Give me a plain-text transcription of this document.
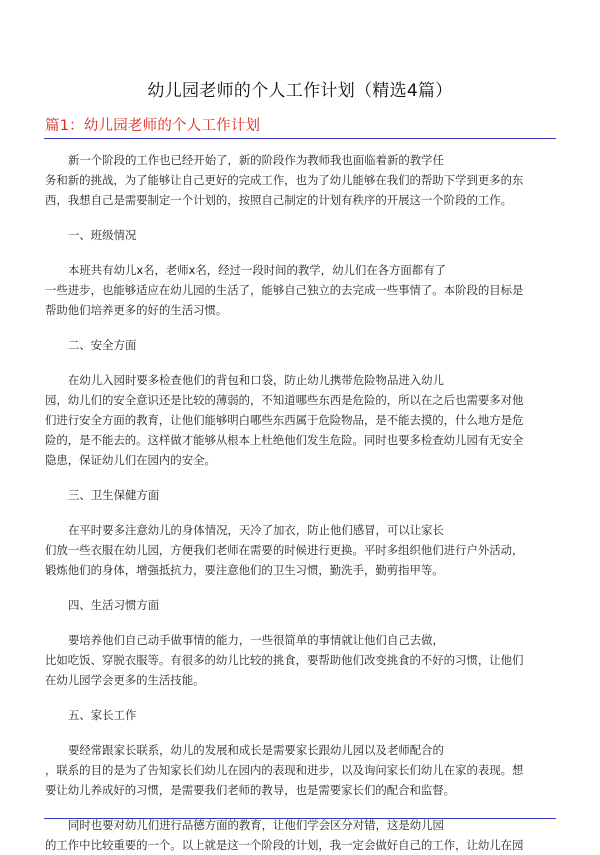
幼儿园老师的个人工作计划（精选4篇）
篇1：幼儿园老师的个人工作计划

新一个阶段的工作也已经开始了，新的阶段作为教师我也面临着新的教学任
务和新的挑战，为了能够让自己更好的完成工作，也为了幼儿能够在我们的帮助下学到更多的东
西，我想自己是需要制定一个计划的，按照自己制定的计划有秩序的开展这一个阶段的工作。

一、班级情况

本班共有幼儿x名，老师x名，经过一段时间的教学，幼儿们在各方面都有了
一些进步，也能够适应在幼儿园的生活了，能够自己独立的去完成一些事情了。本阶段的目标是
帮助他们培养更多的好的生活习惯。

二、安全方面

在幼儿入园时要多检查他们的背包和口袋，防止幼儿携带危险物品进入幼儿
园，幼儿们的安全意识还是比较的薄弱的，不知道哪些东西是危险的，所以在之后也需要多对他
们进行安全方面的教育，让他们能够明白哪些东西属于危险物品，是不能去摸的，什么地方是危
险的，是不能去的。这样做才能够从根本上杜绝他们发生危险。同时也要多检查幼儿园有无安全
隐患，保证幼儿们在园内的安全。

三、卫生保健方面

在平时要多注意幼儿的身体情况，天冷了加衣，防止他们感冒，可以让家长
们放一些衣服在幼儿园，方便我们老师在需要的时候进行更换。平时多组织他们进行户外活动，
锻炼他们的身体，增强抵抗力，要注意他们的卫生习惯，勤洗手，勤剪指甲等。

四、生活习惯方面

要培养他们自己动手做事情的能力，一些很简单的事情就让他们自己去做，
比如吃饭、穿脱衣服等。有很多的幼儿比较的挑食，要帮助他们改变挑食的不好的习惯，让他们
在幼儿园学会更多的生活技能。

五、家长工作

要经常跟家长联系，幼儿的发展和成长是需要家长跟幼儿园以及老师配合的
，联系的目的是为了告知家长们幼儿在园内的表现和进步，以及询问家长们幼儿在家的表现。想
要让幼儿养成好的习惯，是需要我们老师的教导，也是需要家长们的配合和监督。

同时也要对幼儿们进行品德方面的教育，让他们学会区分对错，这是幼儿园
的工作中比较重要的一个。以上就是这一个阶段的计划，我一定会做好自己的工作，让幼儿在园
